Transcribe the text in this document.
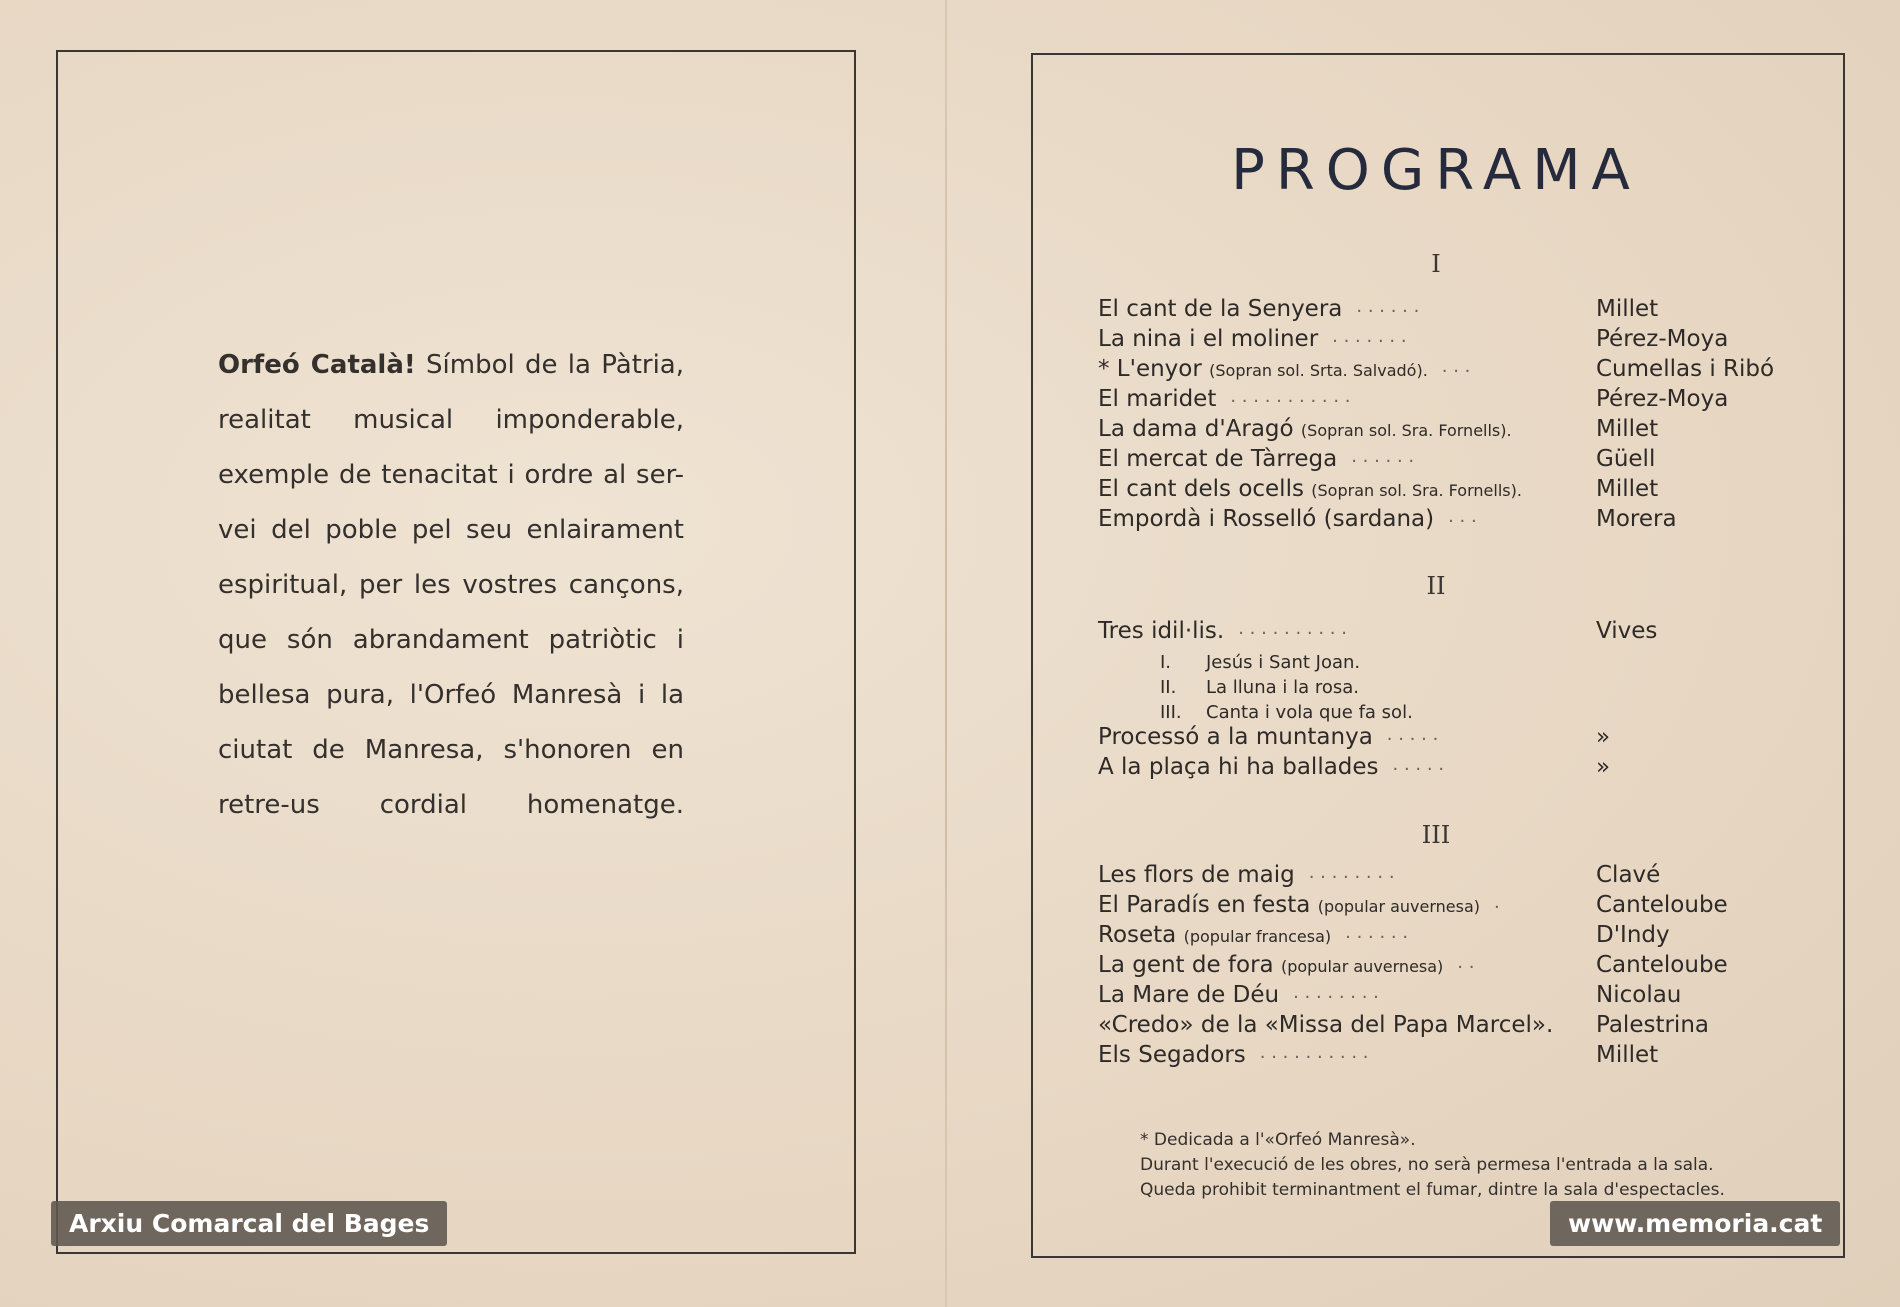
Orfeó Català! Símbol de la Pàtria,
realitat musical imponderable,
exemple de tenacitat i ordre al ser-
vei del poble pel seu enlairament
espiritual, per les vostres cançons,
que són abrandament patriòtic i
bellesa pura, l'Orfeó Manresà i la
ciutat de Manresa, s'honoren en
retre-us cordial homenatge.
PROGRAMA
I
El cant de la Senyera	Millet
. . . . . .
La nina i el moliner	Pérez-Moya
. . . . . . .
* L'enyor (Sopran sol. Srta. Salvadó).	Cumellas i Ribó
. . .
El maridet	Pérez-Moya
. . . . . . . . . . .
La dama d'Aragó (Sopran sol. Sra. Fornells).	Millet
El mercat de Tàrrega	Güell
. . . . . .
El cant dels ocells (Sopran sol. Sra. Fornells).	Millet
Empordà i Rosselló (sardana)	Morera
. . .
II
Tres idil·lis.	Vives
. . . . . . . . . .
Processó a la muntanya	»
. . . . .
A la plaça hi ha ballades	»
. . . . .
I. Jesús i Sant Joan.
II. La lluna i la rosa.
III. Canta i vola que fa sol.
III
Les flors de maig	Clavé
. . . . . . . .
El Paradís en festa (popular auvernesa)	Canteloube
.
Roseta (popular francesa)	D'Indy
. . . . . .
La gent de fora (popular auvernesa)	Canteloube
. .
La Mare de Déu	Nicolau
. . . . . . . .
«Credo» de la «Missa del Papa Marcel». Palestrina
Els Segadors	Millet
. . . . . . . . . .
* Dedicada a l'«Orfeó Manresà».
Durant l'execució de les obres, no serà permesa l'entrada a la sala.
Queda prohibit terminantment el fumar, dintre la sala d'espectacles.
Arxiu Comarcal del Bages	www.memoria.cat
